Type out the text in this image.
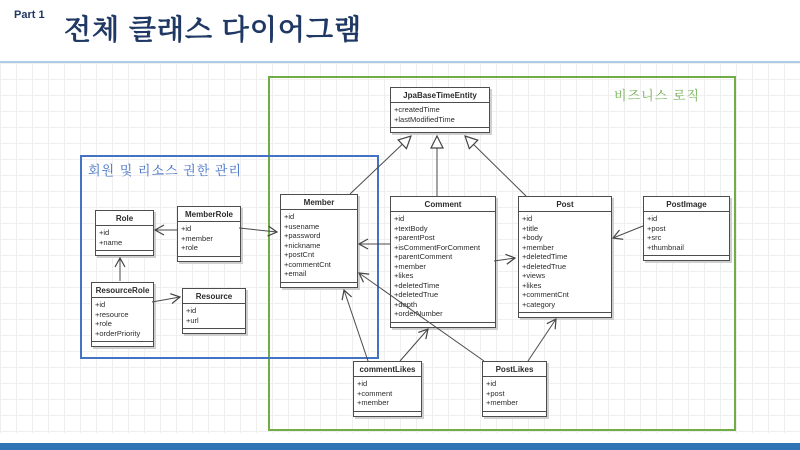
Part 1 전체 클래스 다이어그램
비즈니스 로직
회원 및 리소스 권한 관리
JpaBaseTimeEntity
+createdTime
+lastModifiedTime
Member
+id
+usename
+password
+nickname
+postCnt
+commentCnt
+email
Comment
+id
+textBody
+parentPost
+isCommentForComment
+parentComment
+member
+likes
+deletedTime
+deletedTrue
+depth
+orderNumber
Post
+id
+title
+body
+member
+deletedTime
+deletedTrue
+views
+likes
+commentCnt
+category
PostImage
+id
+post
+src
+thumbnail
Role
+id
+name
MemberRole
+id
+member
+role
ResourceRole
+id
+resource
+role
+orderPriority
Resource
+id
+url
commentLikes
+id
+comment
+member
PostLikes
+id
+post
+member
